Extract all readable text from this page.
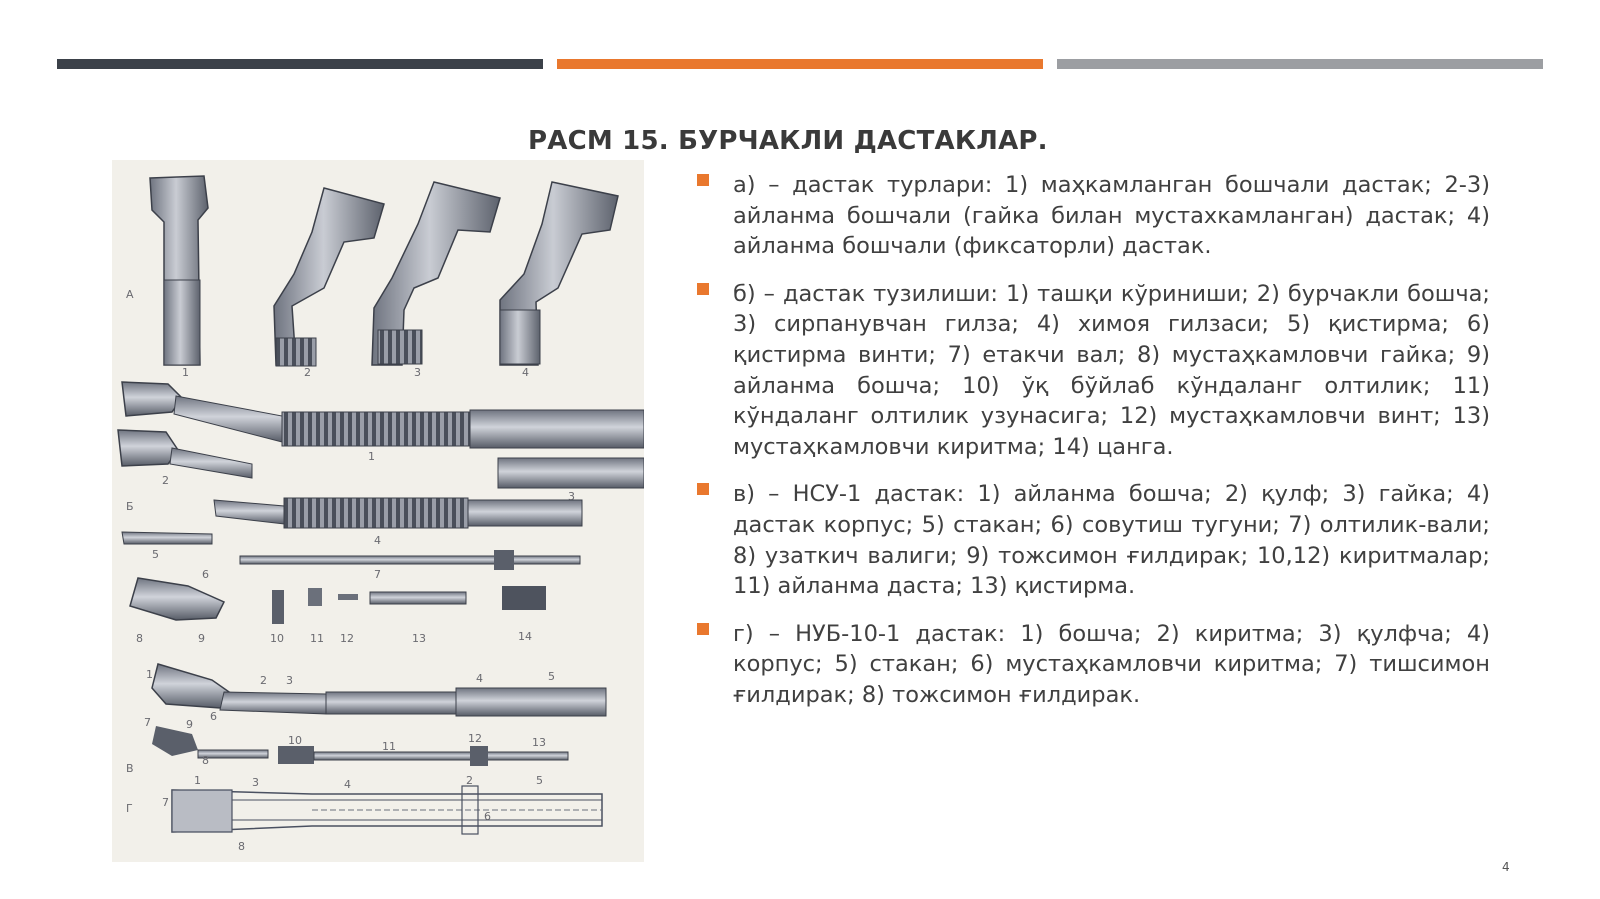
РАСМ 15. БУРЧАКЛИ ДАСТАКЛАР.
А
1	2	3	4
Б
1
2
3
4
5
6	7
8	9	10 11 12	13	14
В
1	2 3	4	5
6
7
8
9
10	11
12	13
Г
1	2
3	4	5
6
7
8
а) – дастак турлари: 1) маҳкамланган бошчали дастак; 2-3) айланма бошчали (гайка билан мустахкамланган) дастак; 4) айланма бошчали (фиксаторли) дастак.
б) – дастак тузилиши: 1) ташқи кўриниши; 2) бурчакли бошча; 3) сирпанувчан гилза; 4) химоя гилзаси; 5) қистирма; 6) қистирма винти; 7) етакчи вал; 8) мустаҳкамловчи гайка; 9) айланма бошча; 10) ўқ бўйлаб кўндаланг олтилик; 11) кўндаланг олтилик узунасига; 12) мустаҳкамловчи винт; 13) мустаҳкамловчи киритма; 14) цанга.
в) – НСУ-1 дастак: 1) айланма бошча; 2) қулф; 3) гайка; 4) дастак корпус; 5) стакан; 6) совутиш тугуни; 7) олтилик-вали; 8) узаткич валиги; 9) тожсимон ғилдирак; 10,12) киритмалар; 11) айланма даста; 13) қистирма.
г) – НУБ-10-1 дастак: 1) бошча; 2) киритма; 3) қулфча; 4) корпус; 5) стакан; 6) мустаҳкамловчи киритма; 7) тишсимон ғилдирак; 8) тожсимон ғилдирак.
4
